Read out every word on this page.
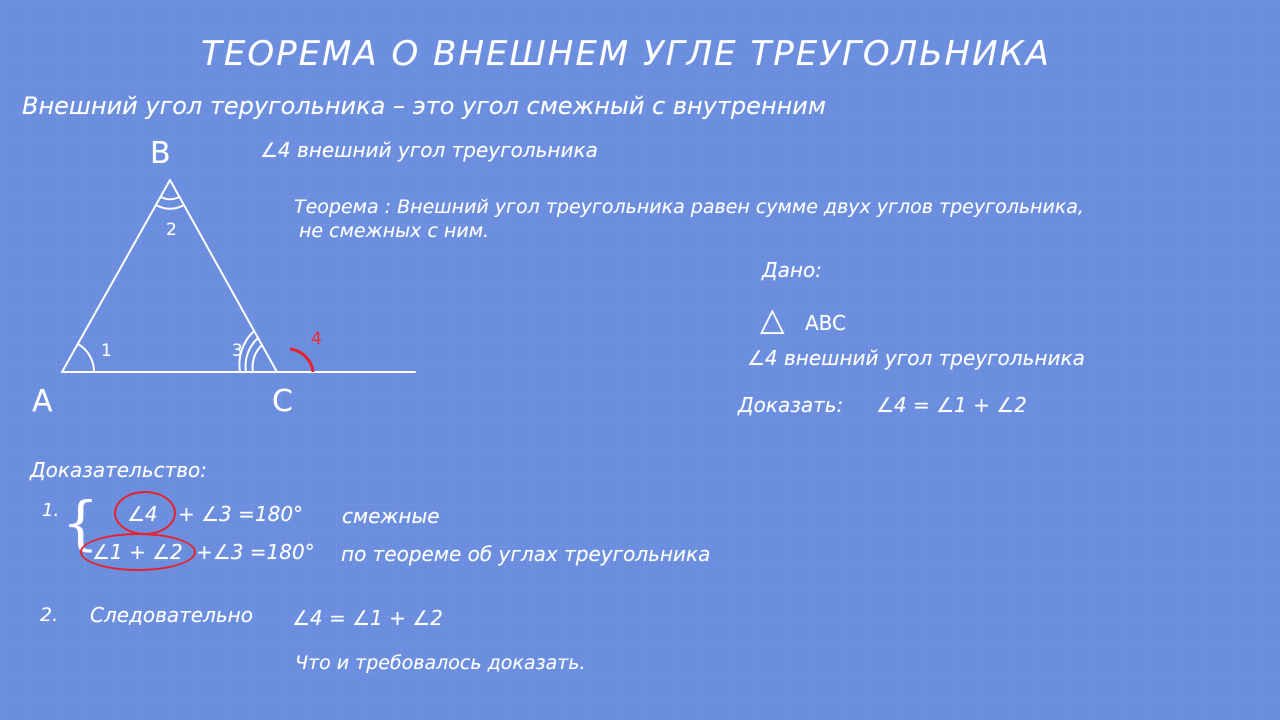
ТЕОРЕМА О ВНЕШНЕМ УГЛЕ ТРЕУГОЛЬНИКА
Внешний угол теругольника – это угол смежный с внутренним
B
A	C
1
2
3
4
∠4 внешний угол треугольника
Теорема : Внешний угол треугольника равен сумме двух углов треугольника,
не смежных с ним.
Дано:
△ ABC
∠4 внешний угол треугольника
Доказать: ∠4 = ∠1 + ∠2
Доказательство:
1. { ∠4 + ∠3 =180° смежные
∠1 + ∠2 +∠3 =180° по теореме об углах треугольника
2. Следовательно ∠4 = ∠1 + ∠2
Что и требовалось доказать.
